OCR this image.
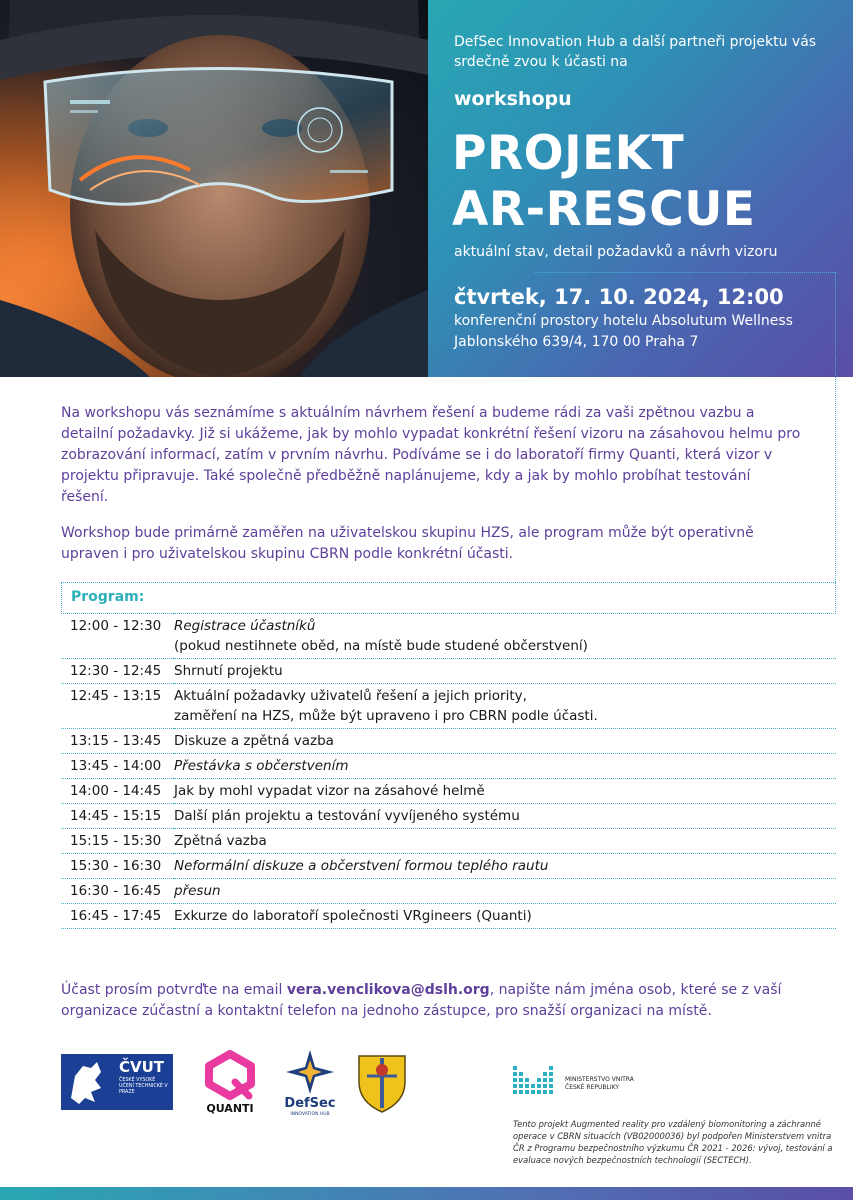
DefSec Innovation Hub a další partneři projektu vás srdečně zvou k účasti na
workshopu
PROJEKT
AR-RESCUE
aktuální stav, detail požadavků a návrh vizoru
čtvrtek, 17. 10. 2024, 12:00
konferenční prostory hotelu Absolutum Wellness
Jablonského 639/4, 170 00 Praha 7
Na workshopu vás seznámíme s aktuálním návrhem řešení a budeme rádi za vaši zpětnou vazbu a detailní požadavky. Již si ukážeme, jak by mohlo vypadat konkrétní řešení vizoru na zásahovou helmu pro zobrazování informací, zatím v prvním návrhu. Podíváme se i do laboratoří firmy Quanti, která vizor v projektu připravuje. Také společně předběžně naplánujeme, kdy a jak by mohlo probíhat testování řešení.
Workshop bude primárně zaměřen na uživatelskou skupinu HZS, ale program může být operativně upraven i pro uživatelskou skupinu CBRN podle konkrétní účasti.
Program:
12:00 - 12:30	Registrace účastníků
(pokud nestihnete oběd, na místě bude studené občerstvení)
12:30 - 12:45	Shrnutí projektu
12:45 - 13:15	Aktuální požadavky uživatelů řešení a jejich priority,
zaměření na HZS, může být upraveno i pro CBRN podle účasti.
13:15 - 13:45	Diskuze a zpětná vazba
13:45 - 14:00	Přestávka s občerstvením
14:00 - 14:45	Jak by mohl vypadat vizor na zásahové helmě
14:45 - 15:15	Další plán projektu a testování vyvíjeného systému
15:15 - 15:30	Zpětná vazba
15:30 - 16:30	Neformální diskuze a občerstvení formou teplého rautu
16:30 - 16:45	přesun
16:45 - 17:45	Exkurze do laboratoří společnosti VRgineers (Quanti)
Účast prosím potvrďte na email vera.venclikova@dslh.org, napište nám jména osob, které se z vaší organizace zúčastní a kontaktní telefon na jednoho zástupce, pro snažší organizaci na místě.
ČVUT
ČESKÉ VYSOKÉ UČENÍ TECHNICKÉ V PRAZE
QUANTI	DefSec
INNOVATION HUB
MINISTERSTVO VNITRA
ČESKÉ REPUBLIKY
Tento projekt Augmented reality pro vzdálený biomonitoring a záchranné operace v CBRN situacích (VB02000036) byl podpořen Ministerstvem vnitra ČR z Programu bezpečnostního výzkumu ČR 2021 - 2026: vývoj, testování a evaluace nových bezpečnostních technologií (SECTECH).
